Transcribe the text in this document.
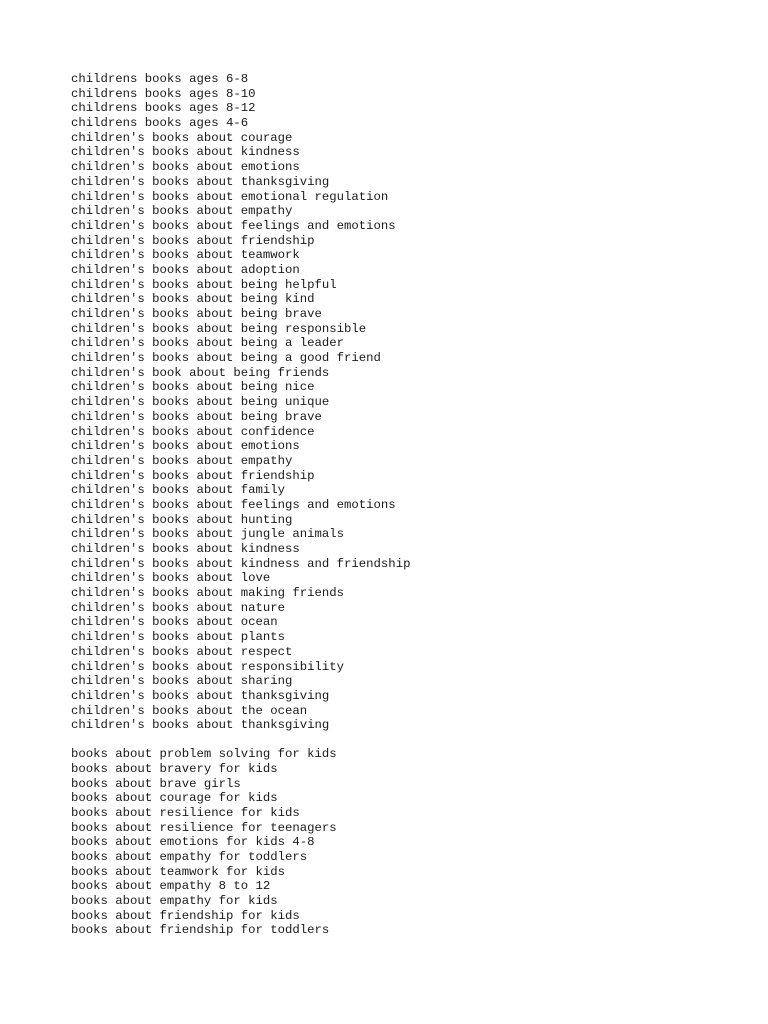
childrens books ages 6-8
childrens books ages 8-10
childrens books ages 8-12
childrens books ages 4-6
children's books about courage
children's books about kindness
children's books about emotions
children's books about thanksgiving
children's books about emotional regulation
children's books about empathy
children's books about feelings and emotions
children's books about friendship
children's books about teamwork
children's books about adoption
children's books about being helpful
children's books about being kind
children's books about being brave
children's books about being responsible
children's books about being a leader
children's books about being a good friend
children's book about being friends
children's books about being nice
children's books about being unique
children's books about being brave
children's books about confidence
children's books about emotions
children's books about empathy
children's books about friendship
children's books about family
children's books about feelings and emotions
children's books about hunting
children's books about jungle animals
children's books about kindness
children's books about kindness and friendship
children's books about love
children's books about making friends
children's books about nature
children's books about ocean
children's books about plants
children's books about respect
children's books about responsibility
children's books about sharing
children's books about thanksgiving
children's books about the ocean
children's books about thanksgiving
books about problem solving for kids
books about bravery for kids
books about brave girls
books about courage for kids
books about resilience for kids
books about resilience for teenagers
books about emotions for kids 4-8
books about empathy for toddlers
books about teamwork for kids
books about empathy 8 to 12
books about empathy for kids
books about friendship for kids
books about friendship for toddlers
